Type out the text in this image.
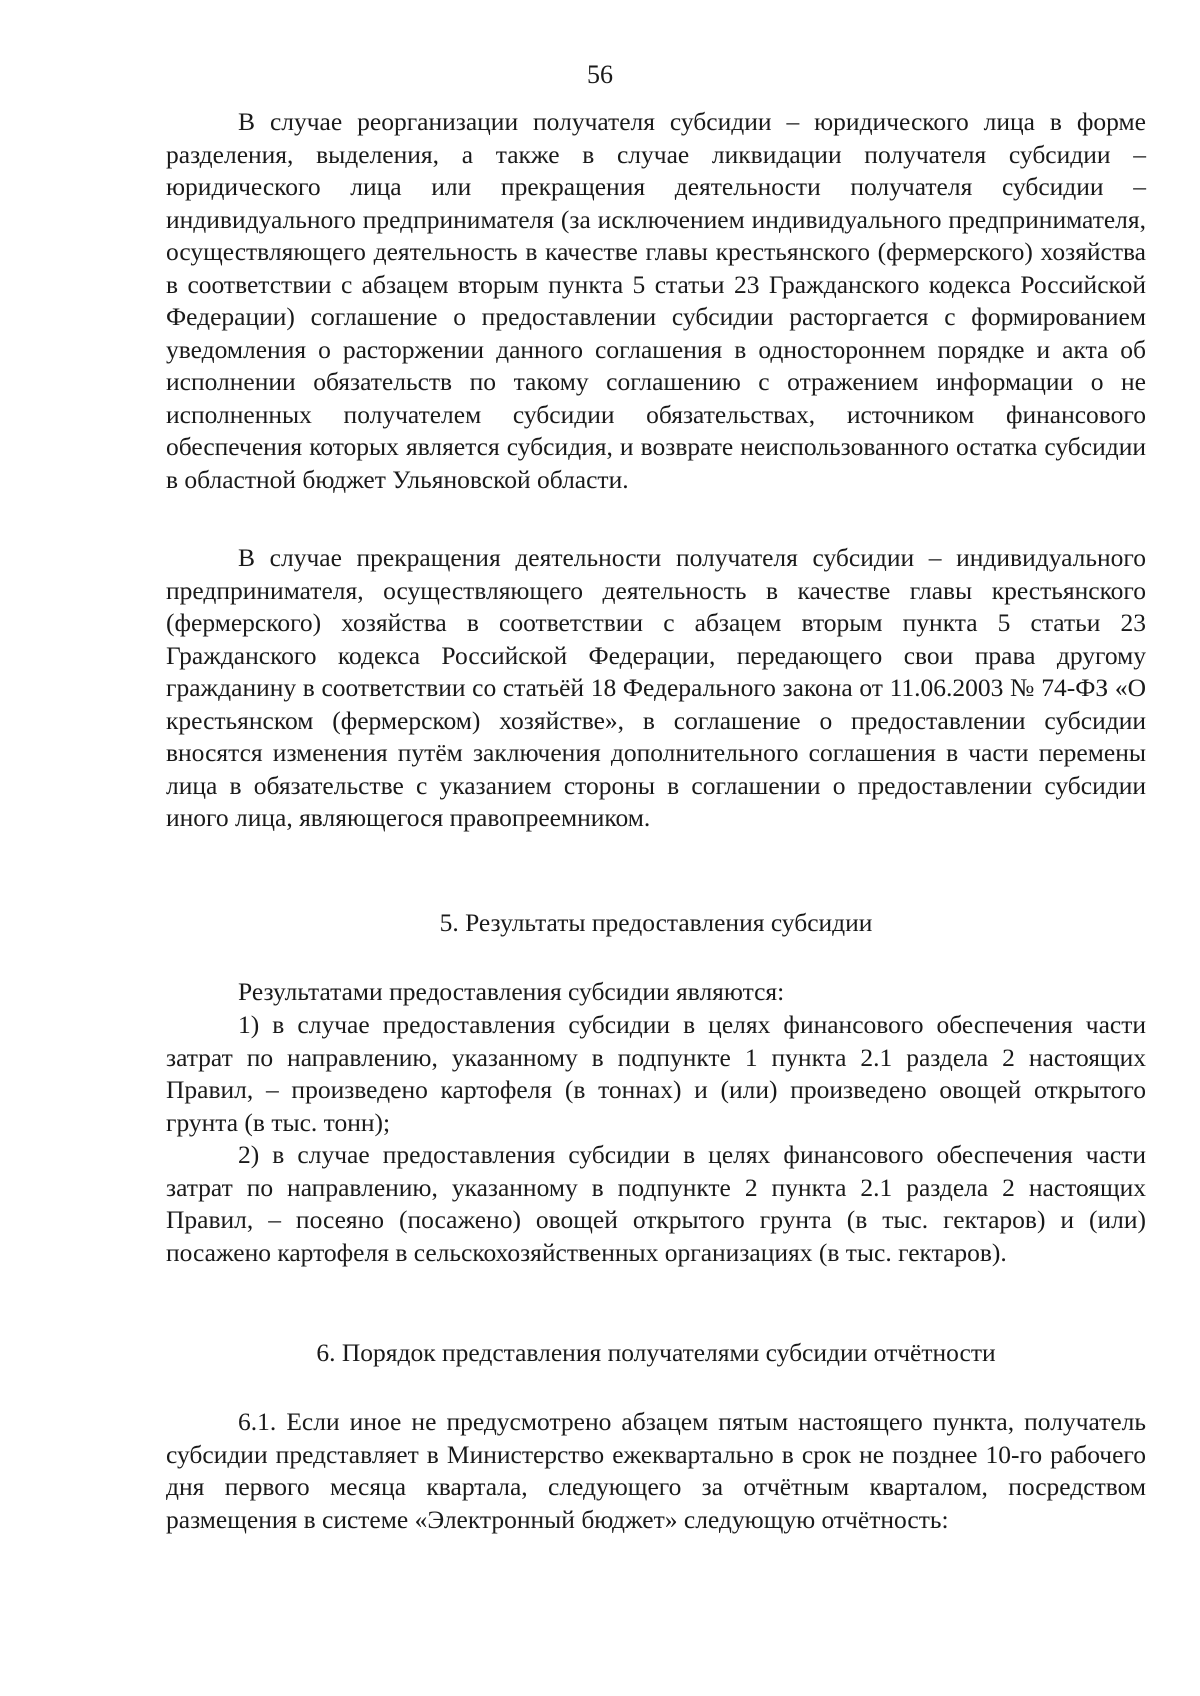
56

В случае реорганизации получателя субсидии – юридического лица в форме разделения, выделения, а также в случае ликвидации получателя субсидии – юридического лица или прекращения деятельности получателя субсидии – индивидуального предпринимателя (за исключением индивидуального предпринимателя, осуществляющего деятельность в качестве главы крестьянского (фермерского) хозяйства в соответствии с абзацем вторым пункта 5 статьи 23 Гражданского кодекса Российской Федерации) соглашение о предоставлении субсидии расторгается с формированием уведомления о расторжении данного соглашения в одностороннем порядке и акта об исполнении обязательств по такому соглашению с отражением информации о не исполненных получателем субсидии обязательствах, источником финансового обеспечения которых является субсидия, и возврате неиспользованного остатка субсидии в областной бюджет Ульяновской области.

В случае прекращения деятельности получателя субсидии – индивидуального предпринимателя, осуществляющего деятельность в качестве главы крестьянского (фермерского) хозяйства в соответствии с абзацем вторым пункта 5 статьи 23 Гражданского кодекса Российской Федерации, передающего свои права другому гражданину в соответствии со статьёй 18 Федерального закона от 11.06.2003 № 74-ФЗ «О крестьянском (фермерском) хозяйстве», в соглашение о предоставлении субсидии вносятся изменения путём заключения дополнительного соглашения в части перемены лица в обязательстве с указанием стороны в соглашении о предоставлении субсидии иного лица, являющегося правопреемником.

5. Результаты предоставления субсидии

Результатами предоставления субсидии являются:

1) в случае предоставления субсидии в целях финансового обеспечения части затрат по направлению, указанному в подпункте 1 пункта 2.1 раздела 2 настоящих Правил, – произведено картофеля (в тоннах) и (или) произведено овощей открытого грунта (в тыс. тонн);

2) в случае предоставления субсидии в целях финансового обеспечения части затрат по направлению, указанному в подпункте 2 пункта 2.1 раздела 2 настоящих Правил, – посеяно (посажено) овощей открытого грунта (в тыс. гектаров) и (или) посажено картофеля в сельскохозяйственных организациях (в тыс. гектаров).

6. Порядок представления получателями субсидии отчётности

6.1. Если иное не предусмотрено абзацем пятым настоящего пункта, получатель субсидии представляет в Министерство ежеквартально в срок не позднее 10-го рабочего дня первого месяца квартала, следующего за отчётным кварталом, посредством размещения в системе «Электронный бюджет» следующую отчётность:
